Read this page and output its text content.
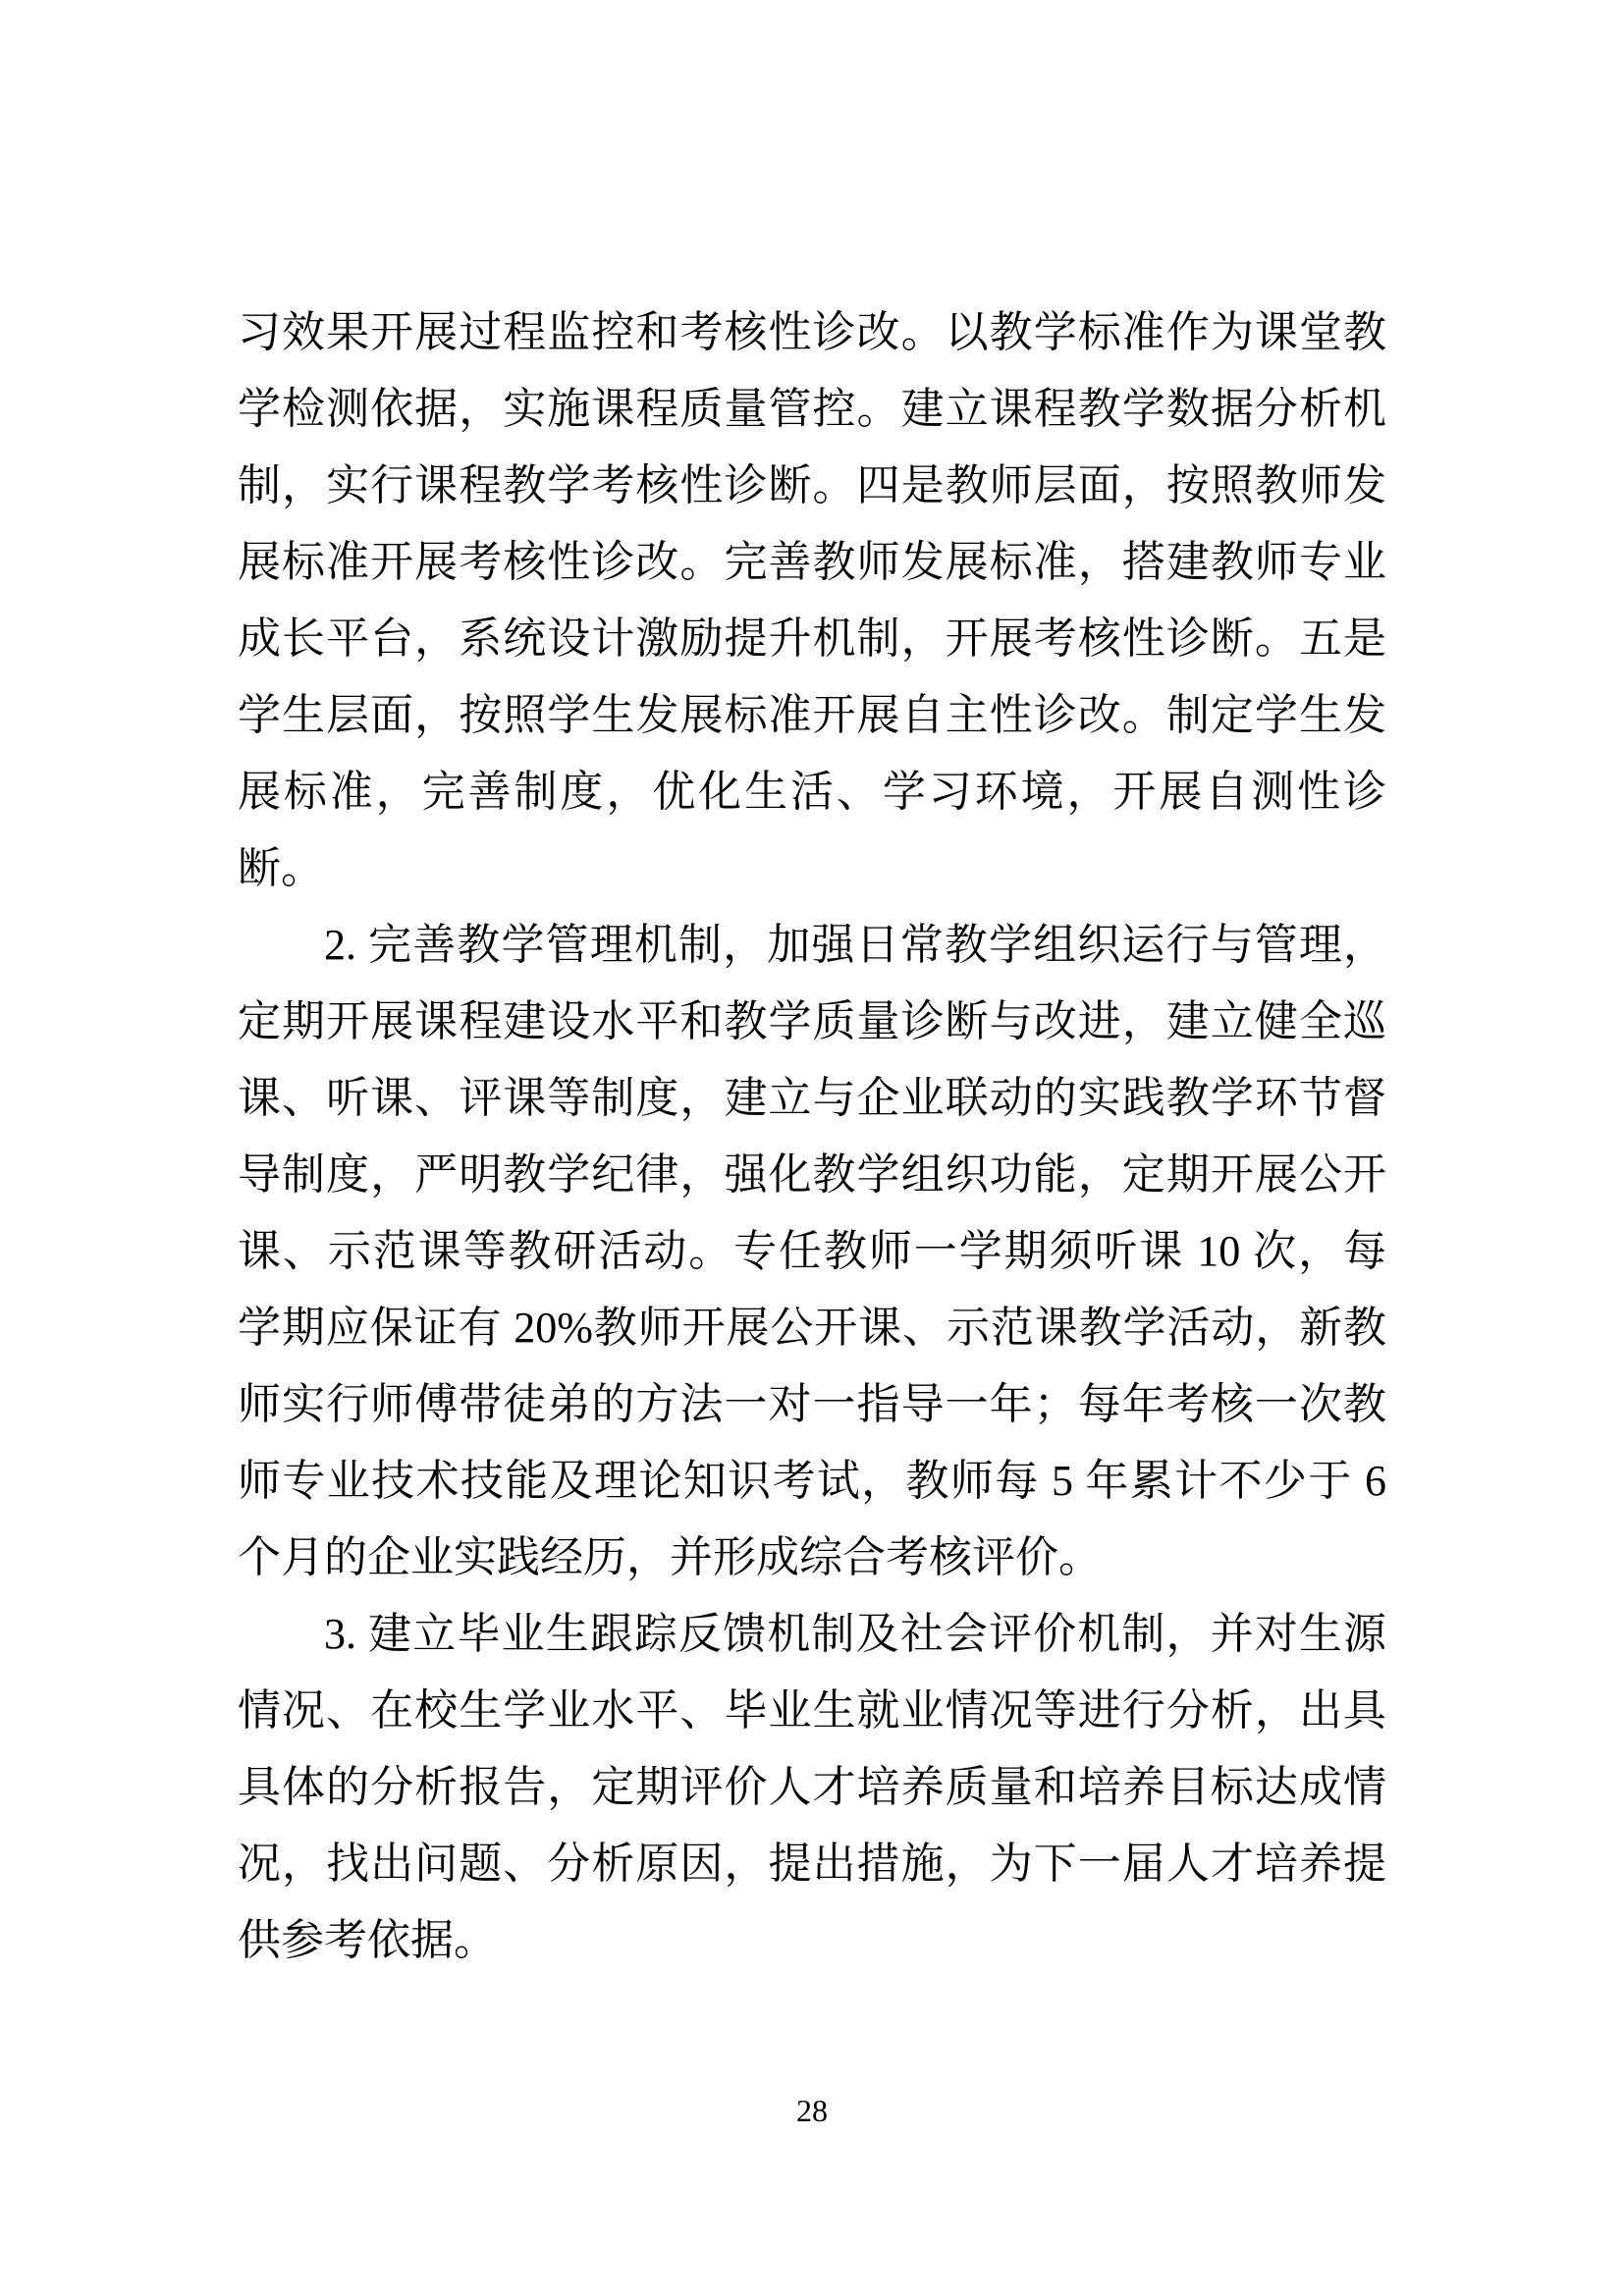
习效果开展过程监控和考核性诊改。以教学标准作为课堂教
学检测依据，实施课程质量管控。建立课程教学数据分析机
制，实行课程教学考核性诊断。四是教师层面，按照教师发
展标准开展考核性诊改。完善教师发展标准，搭建教师专业
成长平台，系统设计激励提升机制，开展考核性诊断。五是
学生层面，按照学生发展标准开展自主性诊改。制定学生发
展标准，完善制度，优化生活、学习环境，开展自测性诊
断。
2. 完善教学管理机制，加强日常教学组织运行与管理，
定期开展课程建设水平和教学质量诊断与改进，建立健全巡
课、听课、评课等制度，建立与企业联动的实践教学环节督
导制度，严明教学纪律，强化教学组织功能，定期开展公开
课、示范课等教研活动。专任教师一学期须听课 10 次，每
学期应保证有 20%教师开展公开课、示范课教学活动，新教
师实行师傅带徒弟的方法一对一指导一年；每年考核一次教
师专业技术技能及理论知识考试，教师每 5 年累计不少于 6
个月的企业实践经历，并形成综合考核评价。
3. 建立毕业生跟踪反馈机制及社会评价机制，并对生源
情况、在校生学业水平、毕业生就业情况等进行分析，出具
具体的分析报告，定期评价人才培养质量和培养目标达成情
况，找出问题、分析原因，提出措施，为下一届人才培养提
供参考依据。
28
